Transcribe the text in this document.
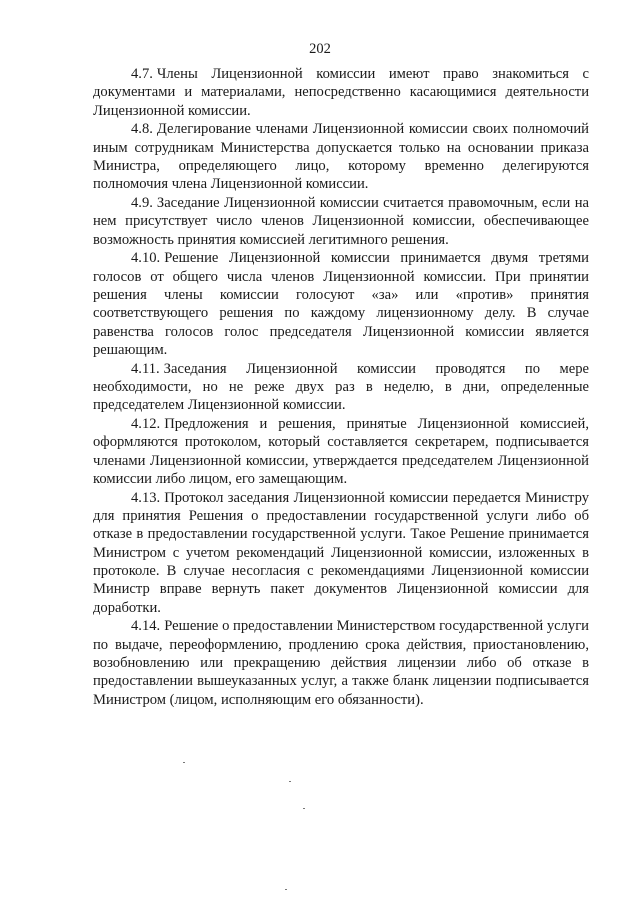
202

4.7. Члены Лицензионной комиссии имеют право знакомиться с документами и материалами, непосредственно касающимися деятельности Лицензионной комиссии.

4.8. Делегирование членами Лицензионной комиссии своих полномочий иным сотрудникам Министерства допускается только на основании приказа Министра, определяющего лицо, которому временно делегируются полномочия члена Лицензионной комиссии.

4.9. Заседание Лицензионной комиссии считается правомочным, если на нем присутствует число членов Лицензионной комиссии, обеспечивающее возможность принятия комиссией легитимного решения.

4.10. Решение Лицензионной комиссии принимается двумя третями голосов от общего числа членов Лицензионной комиссии. При принятии решения члены комиссии голосуют «за» или «против» принятия соответствующего решения по каждому лицензионному делу. В случае равенства голосов голос председателя Лицензионной комиссии является решающим.

4.11. Заседания Лицензионной комиссии проводятся по мере необходимости, но не реже двух раз в неделю, в дни, определенные председателем Лицензионной комиссии.

4.12. Предложения и решения, принятые Лицензионной комиссией, оформляются протоколом, который составляется секретарем, подписывается членами Лицензионной комиссии, утверждается председателем Лицензионной комиссии либо лицом, его замещающим.

4.13. Протокол заседания Лицензионной комиссии передается Министру для принятия Решения о предоставлении государственной услуги либо об отказе в предоставлении государственной услуги. Такое Решение принимается Министром с учетом рекомендаций Лицензионной комиссии, изложенных в протоколе. В случае несогласия с рекомендациями Лицензионной комиссии Министр вправе вернуть пакет документов Лицензионной комиссии для доработки.

4.14. Решение о предоставлении Министерством государственной услуги по выдаче, переоформлению, продлению срока действия, приостановлению, возобновлению или прекращению действия лицензии либо об отказе в предоставлении вышеуказанных услуг, а также бланк лицензии подписывается Министром (лицом, исполняющим его обязанности).
